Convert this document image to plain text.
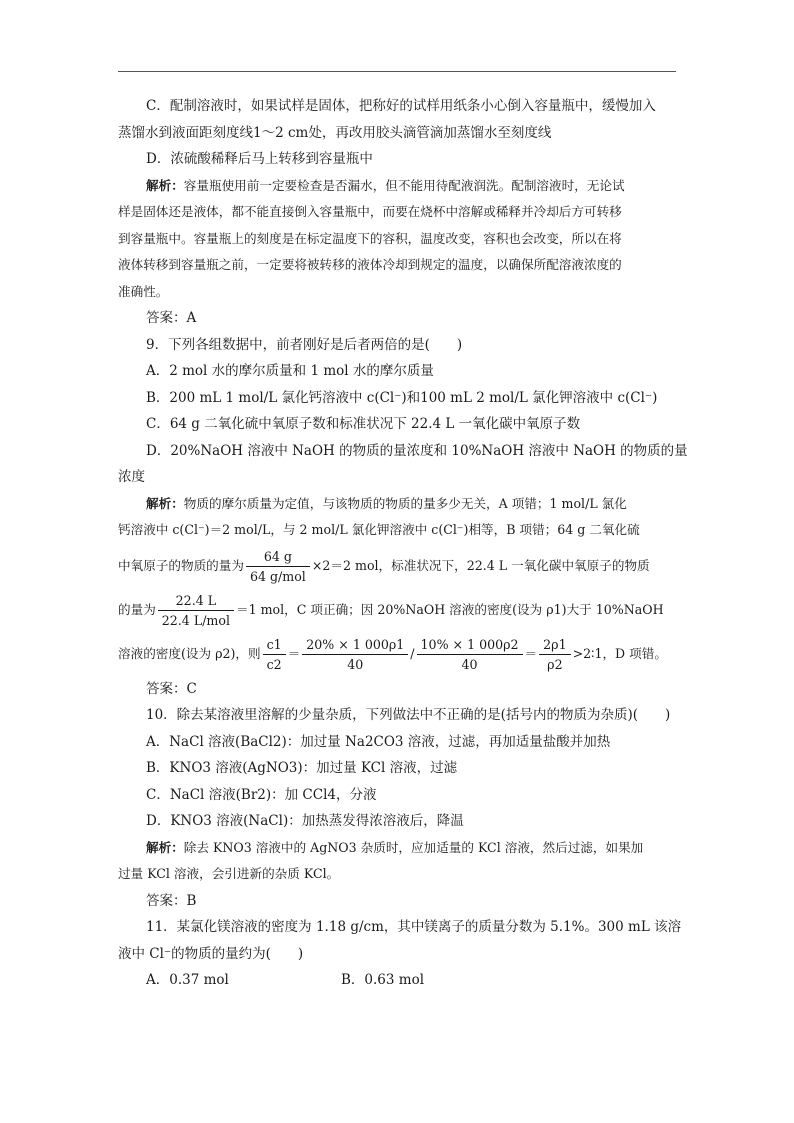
C．配制溶液时，如果试样是固体，把称好的试样用纸条小心倒入容量瓶中，缓慢加入
蒸馏水到液面距刻度线1～2 cm处，再改用胶头滴管滴加蒸馏水至刻度线
D．浓硫酸稀释后马上转移到容量瓶中
解析：容量瓶使用前一定要检查是否漏水，但不能用待配液润洗。配制溶液时，无论试
样是固体还是液体，都不能直接倒入容量瓶中，而要在烧杯中溶解或稀释并冷却后方可转移
到容量瓶中。容量瓶上的刻度是在标定温度下的容积，温度改变，容积也会改变，所以在将
液体转移到容量瓶之前，一定要将被转移的液体冷却到规定的温度，以确保所配溶液浓度的
准确性。
答案：A
9．下列各组数据中，前者刚好是后者两倍的是(　　)
A．2 mol 水的摩尔质量和 1 mol 水的摩尔质量
B．200 mL 1 mol/L 氯化钙溶液中 c(Cl⁻)和100 mL 2 mol/L 氯化钾溶液中 c(Cl⁻)
C．64 g 二氧化硫中氧原子数和标准状况下 22.4 L 一氧化碳中氧原子数
D．20%NaOH 溶液中 NaOH 的物质的量浓度和 10%NaOH 溶液中 NaOH 的物质的量
浓度
解析：物质的摩尔质量为定值，与该物质的物质的量多少无关，A 项错；1 mol/L 氯化
钙溶液中 c(Cl⁻)＝2 mol/L，与 2 mol/L 氯化钾溶液中 c(Cl⁻)相等，B 项错；64 g 二氧化硫
中氧原子的物质的量为 $\frac{64 g}{\text{64 g/mol}} \times 2=2$ mol，标准状况下，22.4 L 一氧化碳中氧原子的物质
的量为 $\frac{22.4 L}{\text{22.4 L/mol}} =1$ mol，C 项正确；因 20%NaOH 溶液的密度(设为 ρ1)大于 10%NaOH
溶液的密度(设为 ρ2)，则 $\frac{c1}{c2} = \frac{20\% \times 1 000\rho 1}{40} / \frac{10\% \times 1 000\rho 2}{40} = \frac{2\rho 1}{\rho 2}$ >2∶1，D 项错。
答案：C
10．除去某溶液里溶解的少量杂质，下列做法中不正确的是(括号内的物质为杂质)(　　)
A．NaCl 溶液(BaCl2)：加过量 Na2CO3 溶液，过滤，再加适量盐酸并加热
B．KNO3 溶液(AgNO3)：加过量 KCl 溶液，过滤
C．NaCl 溶液(Br2)：加 CCl4，分液
D．KNO3 溶液(NaCl)：加热蒸发得浓溶液后，降温
解析：除去 KNO3 溶液中的 AgNO3 杂质时，应加适量的 KCl 溶液，然后过滤，如果加
过量 KCl 溶液，会引进新的杂质 KCl。
答案：B
11．某氯化镁溶液的密度为 1.18 g/cm，其中镁离子的质量分数为 5.1%。300 mL 该溶
液中 Cl⁻的物质的量约为(　　)
A．0.37 mol	B．0.63 mol
